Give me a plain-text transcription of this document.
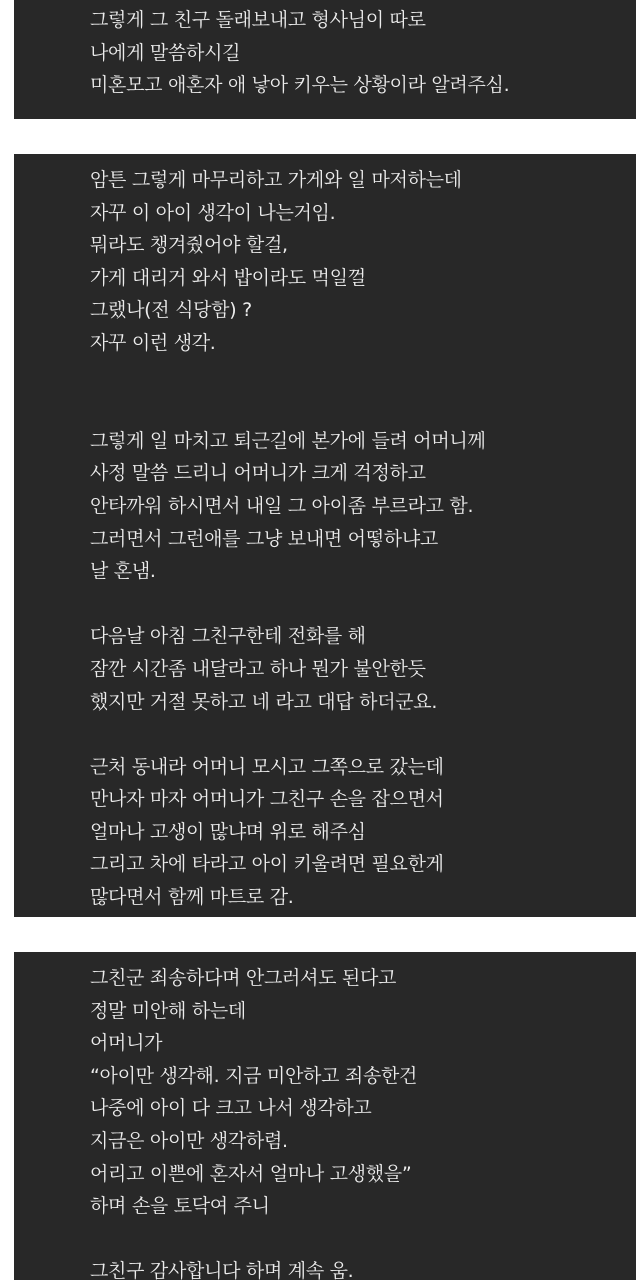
그렇게 그 친구 돌래보내고 형사님이 따로
나에게 말씀하시길
미혼모고 애혼자 애 낳아 키우는 상황이라 알려주심.
암튼 그렇게 마무리하고 가게와 일 마저하는데
자꾸 이 아이 생각이 나는거임.
뭐라도 챙겨줬어야 할걸,
가게 대리거 와서 밥이라도 먹일껄
그랬나(전 식당함) ?
자꾸 이런 생각.
그렇게 일 마치고 퇴근길에 본가에 들려 어머니께
사정 말씀 드리니 어머니가 크게 걱정하고
안타까워 하시면서 내일 그 아이좀 부르라고 함.
그러면서 그런애를 그냥 보내면 어떻하냐고
날 혼냄.
다음날 아침 그친구한테 전화를 해
잠깐 시간좀 내달라고 하나 뭔가 불안한듯
했지만 거절 못하고 네 라고 대답 하더군요.
근처 동내라 어머니 모시고 그쪽으로 갔는데
만나자 마자 어머니가 그친구 손을 잡으면서
얼마나 고생이 많냐며 위로 해주심
그리고 차에 타라고 아이 키울려면 필요한게
많다면서 함께 마트로 감.
그친군 죄송하다며 안그러셔도 된다고
정말 미안해 하는데
어머니가
“아이만 생각해. 지금 미안하고 죄송한건
나중에 아이 다 크고 나서 생각하고
지금은 아이만 생각하렴.
어리고 이쁜에 혼자서 얼마나 고생했을”
하며 손을 토닥여 주니
그친구 감사합니다 하며 계속 움.
